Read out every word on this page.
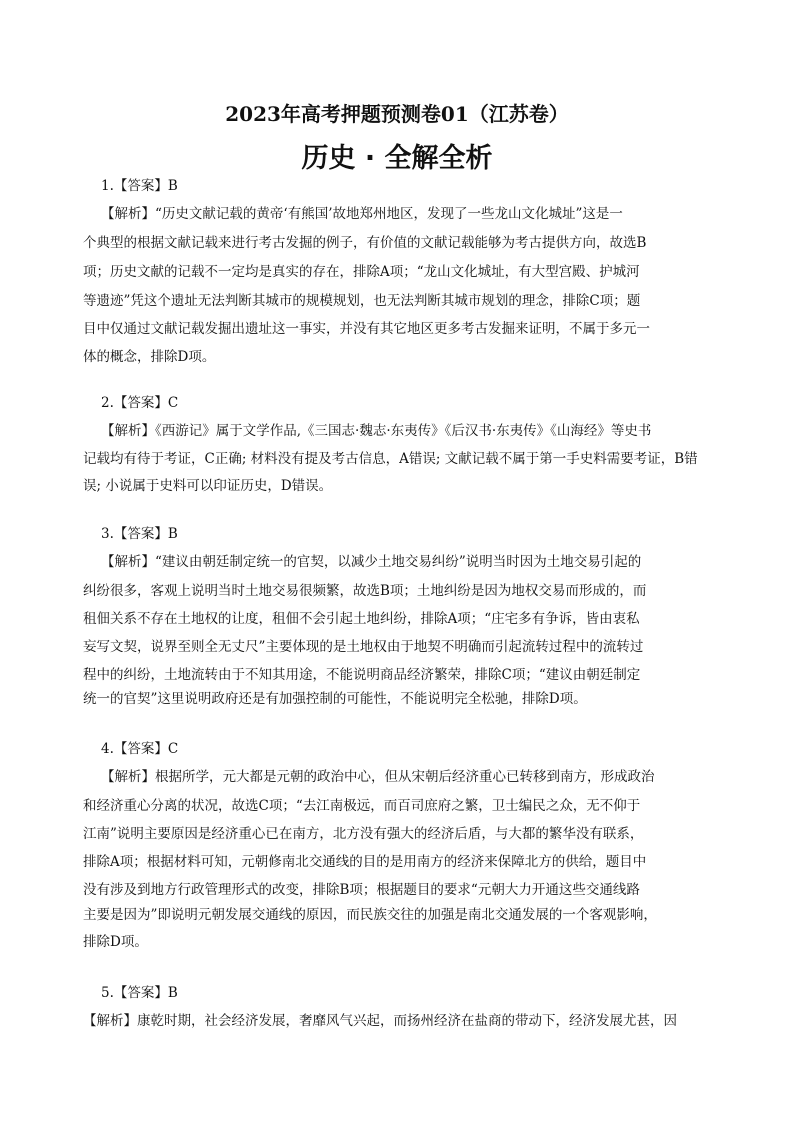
2023年高考押题预测卷01（江苏卷）
历史 · 全解全析
1.【答案】B
【解析】“历史文献记载的黄帝‘有熊国’故地郑州地区，发现了一些龙山文化城址”这是一
个典型的根据文献记载来进行考古发掘的例子，有价值的文献记载能够为考古提供方向，故选B
项；历史文献的记载不一定均是真实的存在，排除A项；“龙山文化城址，有大型宫殿、护城河
等遗迹”凭这个遗址无法判断其城市的规模规划，也无法判断其城市规划的理念，排除C项；题
目中仅通过文献记载发掘出遗址这一事实，并没有其它地区更多考古发掘来证明，不属于多元一
体的概念，排除D项。
2.【答案】C
【解析】《西游记》属于文学作品,《三国志·魏志·东夷传》《后汉书·东夷传》《山海经》等史书
记载均有待于考证，C正确; 材料没有提及考古信息，A错误; 文献记载不属于第一手史料需要考证，B错
误; 小说属于史料可以印证历史，D错误。
3.【答案】B
【解析】“建议由朝廷制定统一的官契，以减少土地交易纠纷”说明当时因为土地交易引起的
纠纷很多，客观上说明当时土地交易很频繁，故选B项；土地纠纷是因为地权交易而形成的，而
租佃关系不存在土地权的让度，租佃不会引起土地纠纷，排除A项；“庄宅多有争诉，皆由衷私
妄写文契，说界至则全无丈尺”主要体现的是土地权由于地契不明确而引起流转过程中的流转过
程中的纠纷，土地流转由于不知其用途，不能说明商品经济繁荣，排除C项；“建议由朝廷制定
统一的官契”这里说明政府还是有加强控制的可能性，不能说明完全松驰，排除D项。
4.【答案】C
【解析】根据所学，元大都是元朝的政治中心，但从宋朝后经济重心已转移到南方，形成政治
和经济重心分离的状况，故选C项；“去江南极远，而百司庶府之繁，卫士编民之众，无不仰于
江南”说明主要原因是经济重心已在南方，北方没有强大的经济后盾，与大都的繁华没有联系，
排除A项；根据材料可知，元朝修南北交通线的目的是用南方的经济来保障北方的供给，题目中
没有涉及到地方行政管理形式的改变，排除B项；根据题目的要求“元朝大力开通这些交通线路
主要是因为”即说明元朝发展交通线的原因，而民族交往的加强是南北交通发展的一个客观影响，
排除D项。
5.【答案】B
【解析】康乾时期，社会经济发展，奢靡风气兴起，而扬州经济在盐商的带动下，经济发展尤甚，因
